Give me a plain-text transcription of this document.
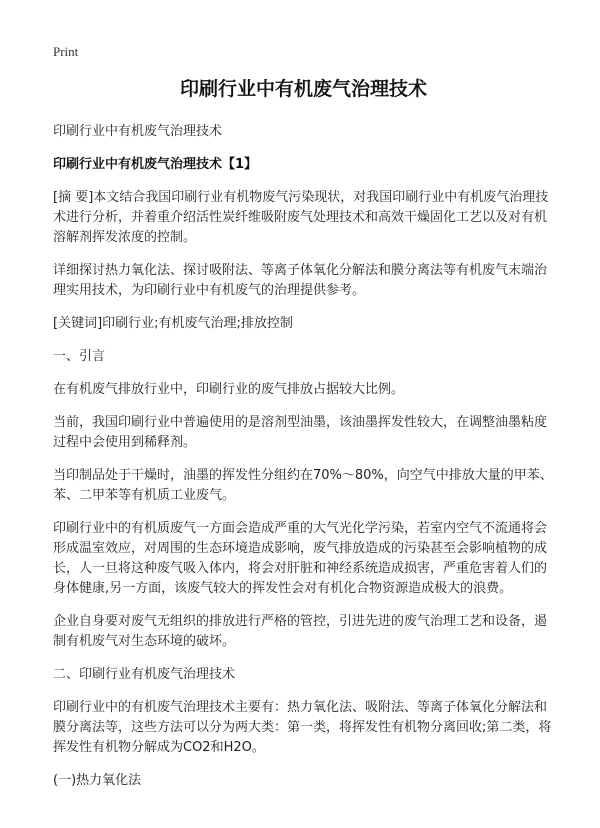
Print
印刷行业中有机废气治理技术

印刷行业中有机废气治理技术

印刷行业中有机废气治理技术【1】

[摘 要]本文结合我国印刷行业有机物废气污染现状，对我国印刷行业中有机废气治理技术进行分析，并着重介绍活性炭纤维吸附废气处理技术和高效干燥固化工艺以及对有机溶解剂挥发浓度的控制。

详细探讨热力氧化法、探讨吸附法、等离子体氧化分解法和膜分离法等有机废气末端治理实用技术，为印刷行业中有机废气的治理提供参考。

[关键词]印刷行业;有机废气治理;排放控制

一、引言

在有机废气排放行业中，印刷行业的废气排放占据较大比例。

当前，我国印刷行业中普遍使用的是溶剂型油墨，该油墨挥发性较大，在调整油墨粘度过程中会使用到稀释剂。

当印制品处于干燥时，油墨的挥发性分组约在70%～80%，向空气中排放大量的甲苯、苯、二甲苯等有机质工业废气。

印刷行业中的有机质废气一方面会造成严重的大气光化学污染，若室内空气不流通将会形成温室效应，对周围的生态环境造成影响，废气排放造成的污染甚至会影响植物的成长，人一旦将这种废气吸入体内，将会对肝脏和神经系统造成损害，严重危害着人们的身体健康,另一方面，该废气较大的挥发性会对有机化合物资源造成极大的浪费。

企业自身要对废气无组织的排放进行严格的管控，引进先进的废气治理工艺和设备，遏制有机废气对生态环境的破坏。

二、印刷行业有机废气治理技术

印刷行业中的有机废气治理技术主要有：热力氧化法、吸附法、等离子体氧化分解法和膜分离法等，这些方法可以分为两大类：第一类，将挥发性有机物分离回收;第二类，将挥发性有机物分解成为CO2和H2O。

(一)热力氧化法
